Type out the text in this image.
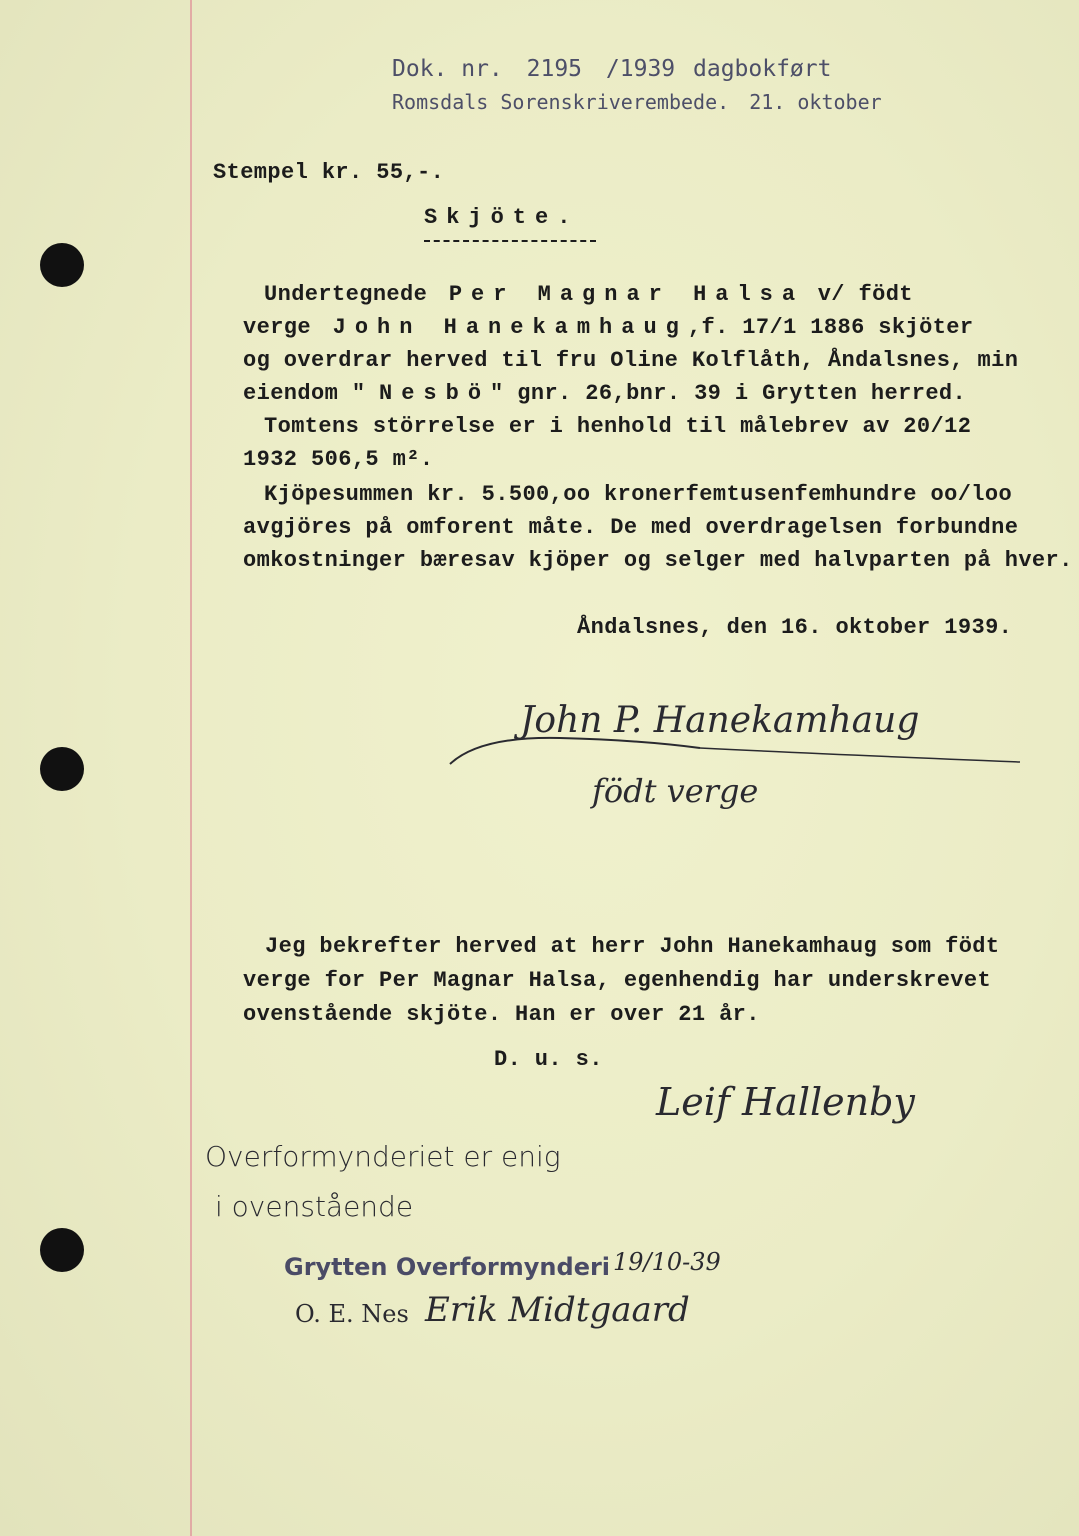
Dok. nr. 2195 /1939 dagbokført
Romsdals Sorenskriverembede. 21. oktober
Stempel kr. 55,-.
Skjöte.
Undertegnede Per Magnar Halsa v/ födt
verge John Hanekamhaug,f. 17/1 1886 skjöter
og overdrar herved til fru Oline Kolflåth, Åndalsnes, min
eiendom " Nesbö" gnr. 26,bnr. 39 i Grytten herred.
Tomtens störrelse er i henhold til målebrev av 20/12
1932 506,5 m².
Kjöpesummen kr. 5.500,oo kronerfemtusenfemhundre oo/loo
avgjöres på omforent måte. De med overdragelsen forbundne
omkostninger bæresav kjöper og selger med halvparten på hver.
Åndalsnes, den 16. oktober 1939.
John P. Hanekamhaug
födt verge
Jeg bekrefter herved at herr John Hanekamhaug som födt
verge for Per Magnar Halsa, egenhendig har underskrevet
ovenstående skjöte. Han er over 21 år.
D. u. s.
Leif Hallenby
Overformynderiet er enig
i ovenstående
Grytten Overformynderi 19/10-39
O. E. Nes Erik Midtgaard
